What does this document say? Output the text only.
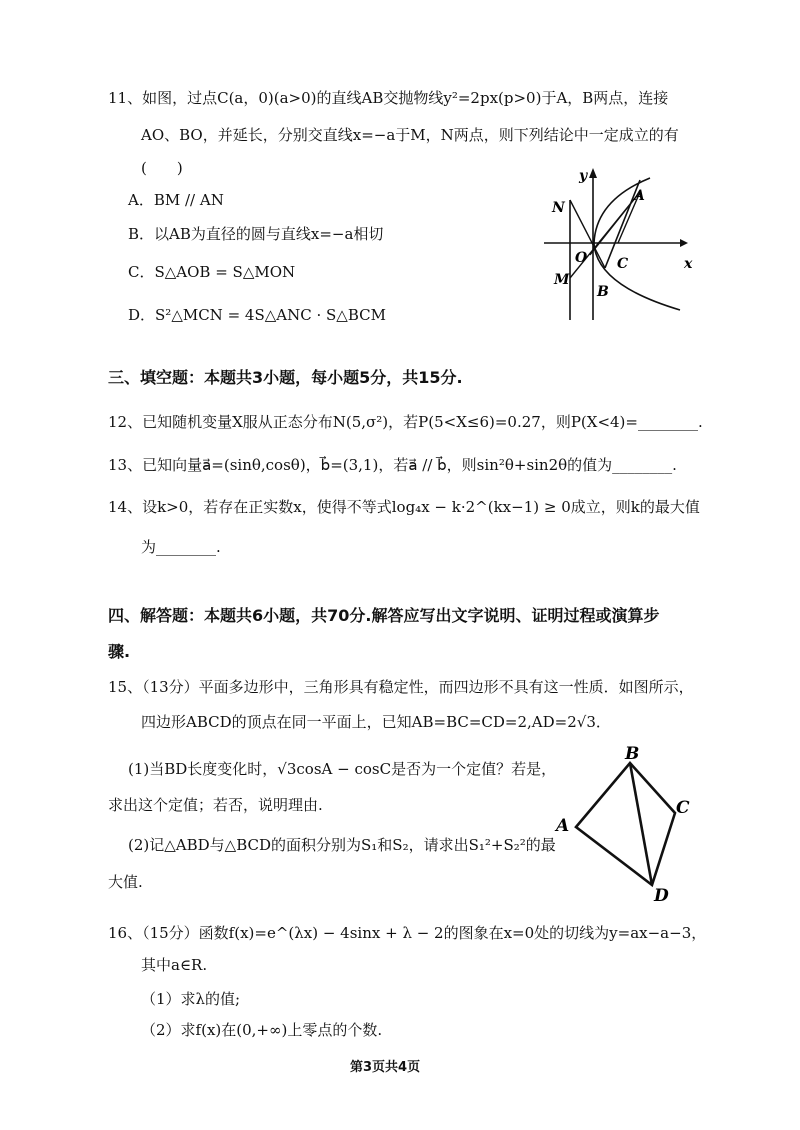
11、如图，过点C(a，0)(a>0)的直线AB交抛物线y²=2px(p>0)于A，B两点，连接
AO、BO，并延长，分别交直线x=−a于M，N两点，则下列结论中一定成立的有
(　　)
A．BM // AN
B．以AB为直径的圆与直线x=−a相切
C．S△AOB = S△MON
D．S²△MCN = 4S△ANC · S△BCM
y
x
N
A
O C
M
B
三、填空题：本题共3小题，每小题5分，共15分.
12、已知随机变量X服从正态分布N(5,σ²)，若P(5<X≤6)=0.27，则P(X<4)=________.
13、已知向量a⃗=(sinθ,cosθ)，b⃗=(3,1)，若a⃗ // b⃗，则sin²θ+sin2θ的值为________.
14、设k>0，若存在正实数x，使得不等式log₄x − k·2^(kx−1) ≥ 0成立，则k的最大值
为________.
四、解答题：本题共6小题，共70分.解答应写出文字说明、证明过程或演算步
骤.
15、（13分）平面多边形中，三角形具有稳定性，而四边形不具有这一性质．如图所示，
四边形ABCD的顶点在同一平面上，已知AB=BC=CD=2,AD=2√3．
(1)当BD长度变化时，√3cosA − cosC是否为一个定值？若是，
求出这个定值；若否，说明理由.
(2)记△ABD与△BCD的面积分别为S₁和S₂，请求出S₁²+S₂²的最
大值.
A
B
C
D
16、（15分）函数f(x)=e^(λx) − 4sinx + λ − 2的图象在x=0处的切线为y=ax−a−3，
其中a∈R.
（1）求λ的值;
（2）求f(x)在(0,+∞)上零点的个数.
第3页共4页
